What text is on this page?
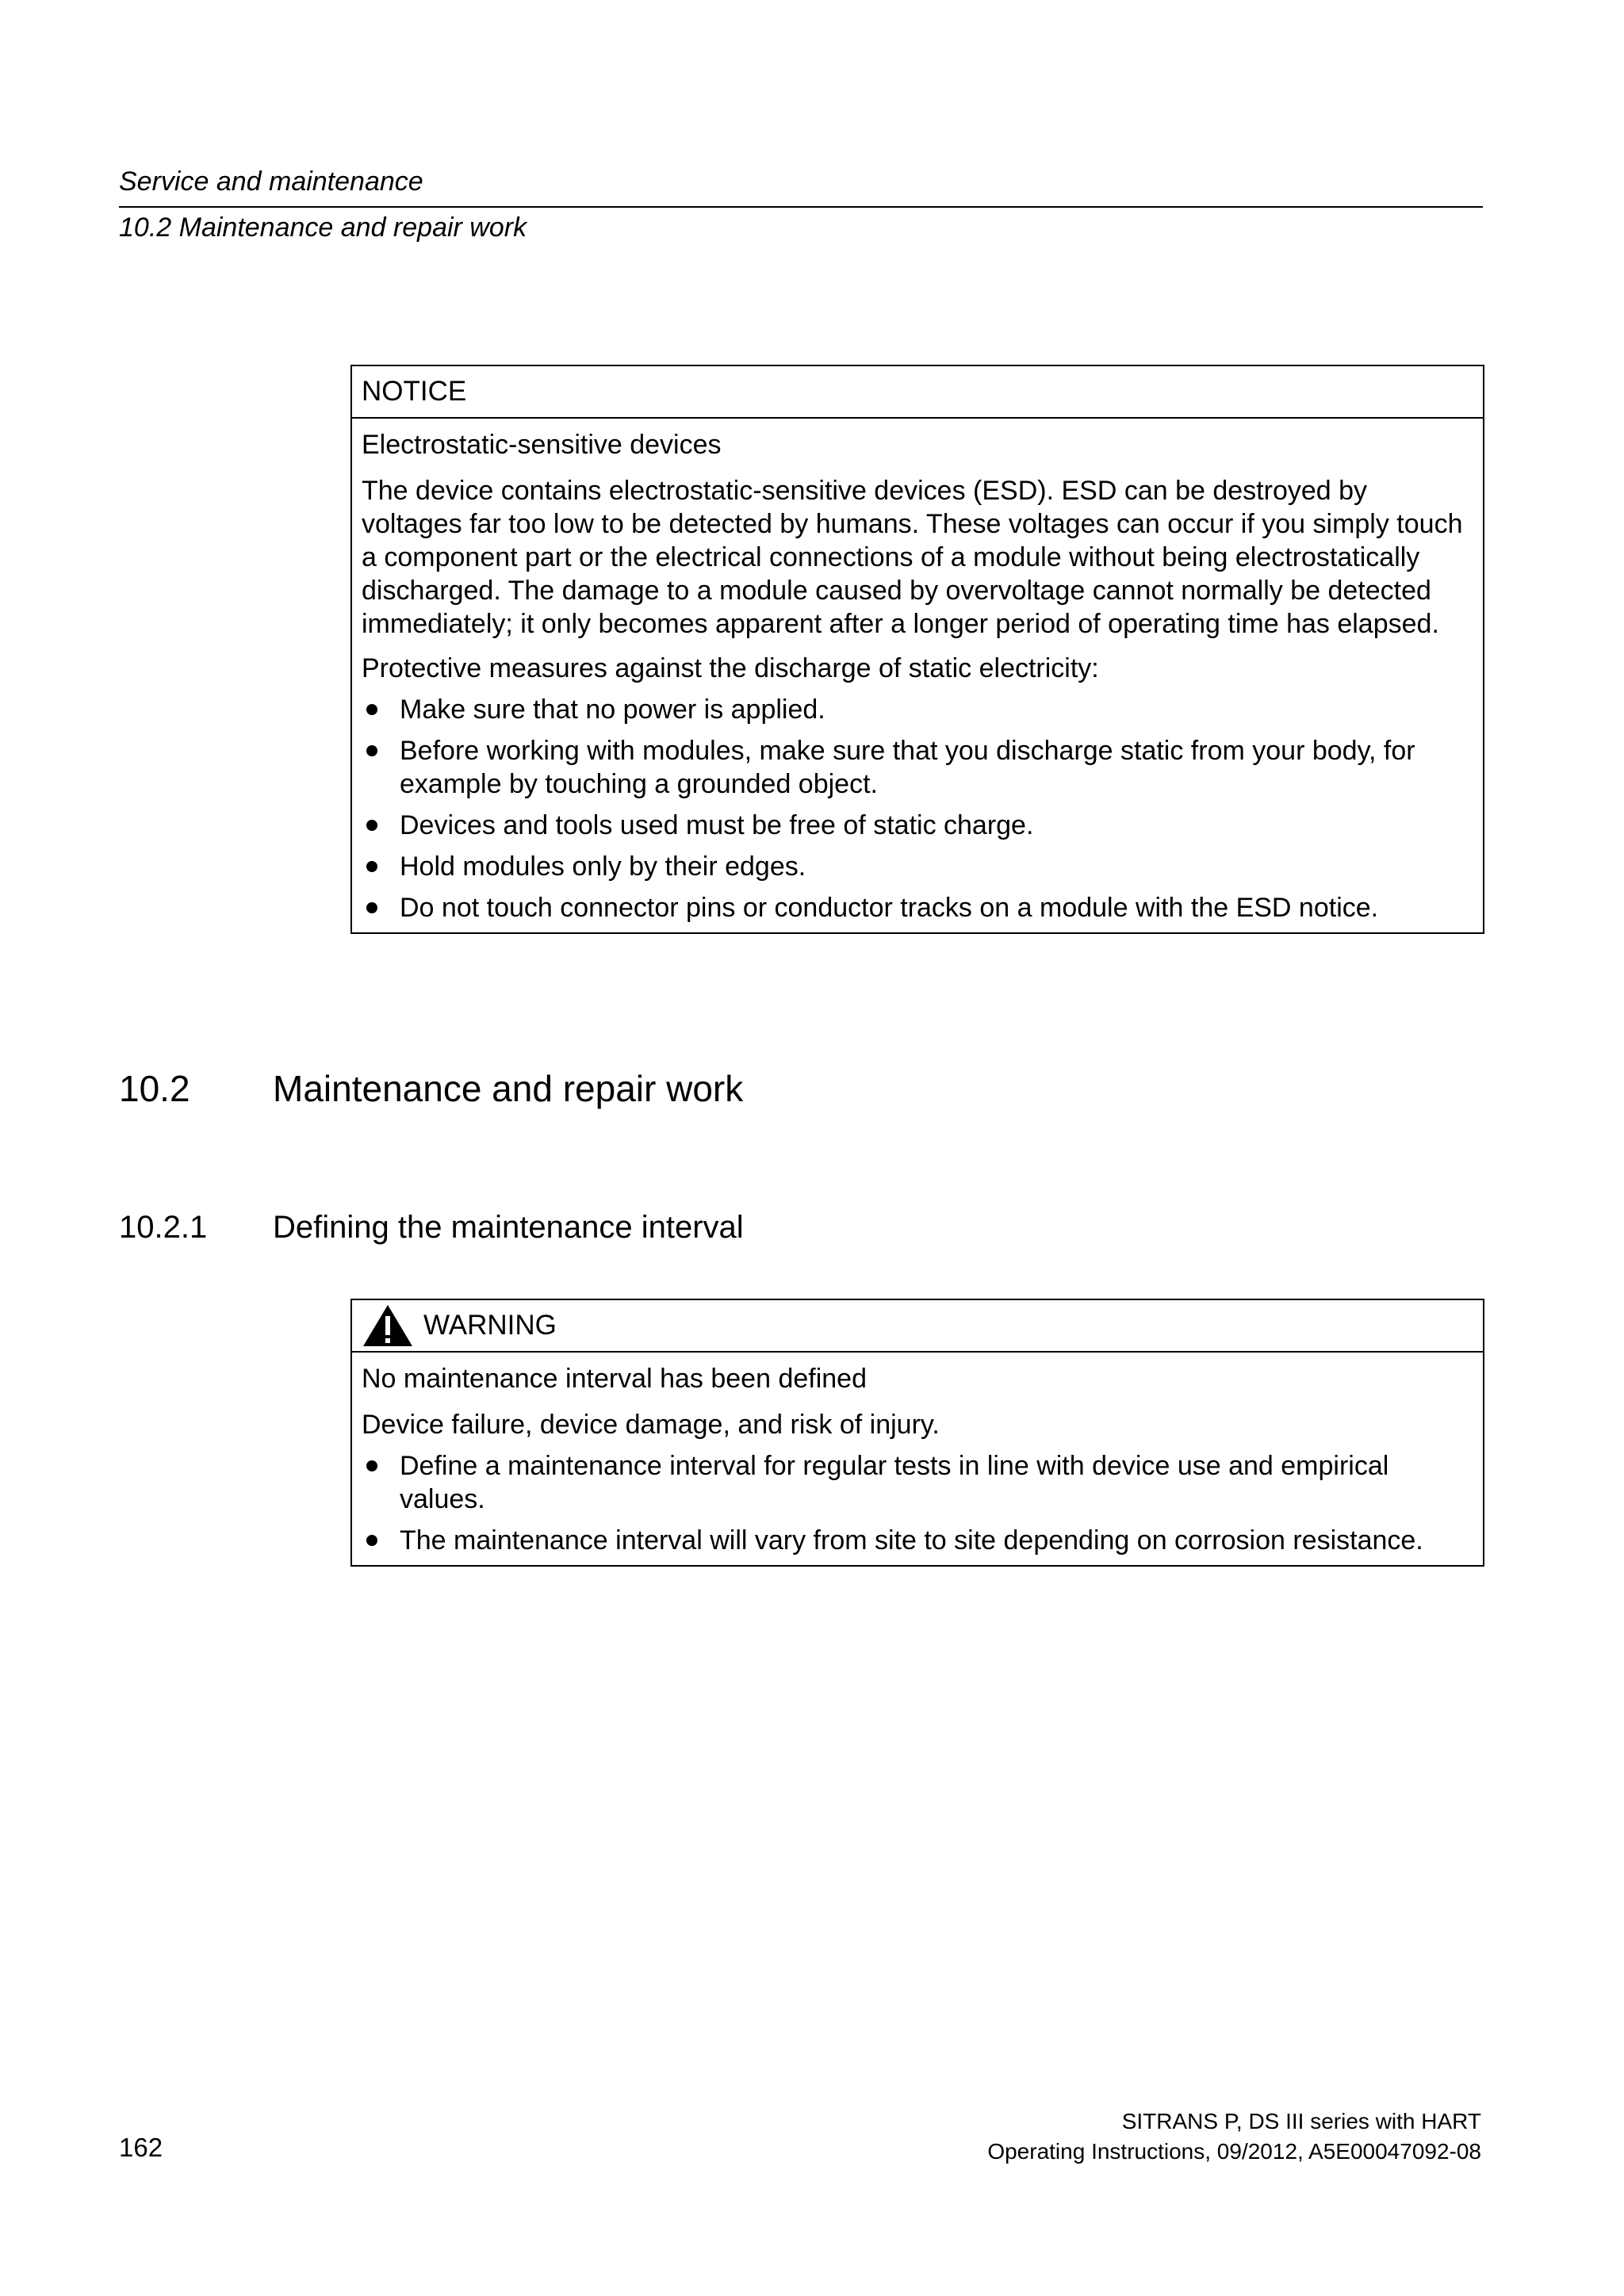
Service and maintenance
10.2 Maintenance and repair work
NOTICE
Electrostatic-sensitive devices
The device contains electrostatic-sensitive devices (ESD). ESD can be destroyed by voltages far too low to be detected by humans. These voltages can occur if you simply touch a component part or the electrical connections of a module without being electrostatically discharged. The damage to a module caused by overvoltage cannot normally be detected immediately; it only becomes apparent after a longer period of operating time has elapsed.
Protective measures against the discharge of static electricity:
Make sure that no power is applied.
Before working with modules, make sure that you discharge static from your body, for example by touching a grounded object.
Devices and tools used must be free of static charge.
Hold modules only by their edges.
Do not touch connector pins or conductor tracks on a module with the ESD notice.
10.2 Maintenance and repair work
10.2.1 Defining the maintenance interval
WARNING
No maintenance interval has been defined
Device failure, device damage, and risk of injury.
Define a maintenance interval for regular tests in line with device use and empirical values.
The maintenance interval will vary from site to site depending on corrosion resistance.
162
SITRANS P, DS III series with HART
Operating Instructions, 09/2012, A5E00047092-08
